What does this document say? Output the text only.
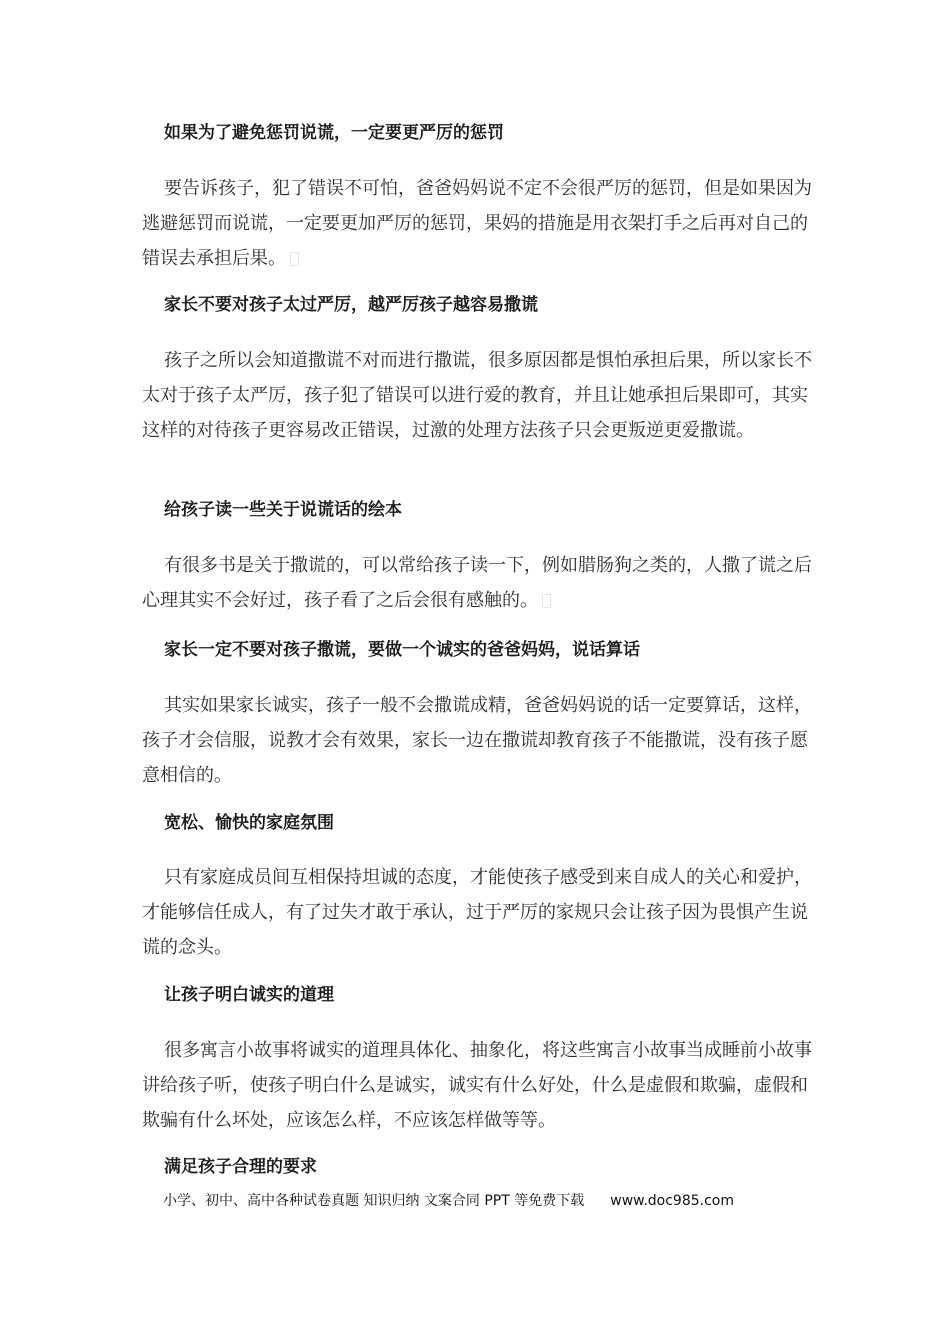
如果为了避免惩罚说谎，一定要更严厉的惩罚

要告诉孩子，犯了错误不可怕，爸爸妈妈说不定不会很严厉的惩罚，但是如果因为逃避惩罚而说谎，一定要更加严厉的惩罚，果妈的措施是用衣架打手之后再对自己的错误去承担后果。

家长不要对孩子太过严厉，越严厉孩子越容易撒谎

孩子之所以会知道撒谎不对而进行撒谎，很多原因都是惧怕承担后果，所以家长不太对于孩子太严厉，孩子犯了错误可以进行爱的教育，并且让她承担后果即可，其实这样的对待孩子更容易改正错误，过激的处理方法孩子只会更叛逆更爱撒谎。

给孩子读一些关于说谎话的绘本

有很多书是关于撒谎的，可以常给孩子读一下，例如腊肠狗之类的，人撒了谎之后心理其实不会好过，孩子看了之后会很有感触的。

家长一定不要对孩子撒谎，要做一个诚实的爸爸妈妈，说话算话

其实如果家长诚实，孩子一般不会撒谎成精，爸爸妈妈说的话一定要算话，这样，孩子才会信服，说教才会有效果，家长一边在撒谎却教育孩子不能撒谎，没有孩子愿意相信的。

宽松、愉快的家庭氛围

只有家庭成员间互相保持坦诚的态度，才能使孩子感受到来自成人的关心和爱护，才能够信任成人，有了过失才敢于承认，过于严厉的家规只会让孩子因为畏惧产生说谎的念头。

让孩子明白诚实的道理

很多寓言小故事将诚实的道理具体化、抽象化，将这些寓言小故事当成睡前小故事讲给孩子听，使孩子明白什么是诚实，诚实有什么好处，什么是虚假和欺骗，虚假和欺骗有什么坏处，应该怎么样，不应该怎样做等等。

满足孩子合理的要求
小学、初中、高中各种试卷真题 知识归纳 文案合同 PPT 等免费下载 www.doc985.com
